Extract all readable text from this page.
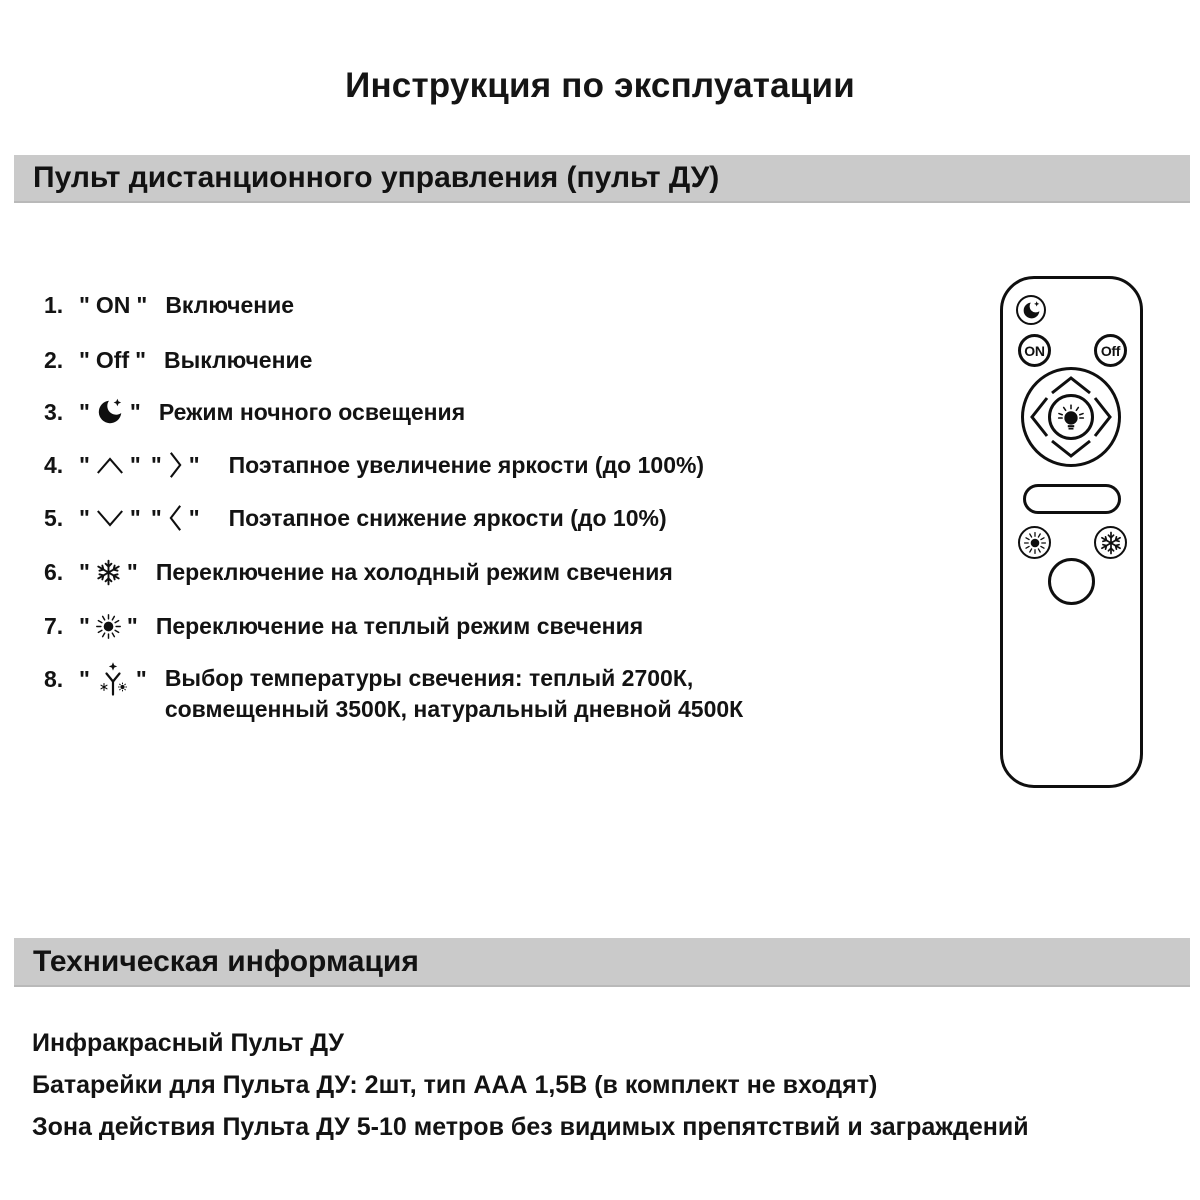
Инструкция по эксплуатации
Пульт дистанционного управления (пульт ДУ)
1. " ON " Включение
2. " Off " Выключение
3. " " Режим ночного освещения
4. " " " " Поэтапное увеличение яркости (до 100%)
5. " " " " Поэтапное снижение яркости (до 10%)
6. " " Переключение на холодный режим свечения
7. " " Переключение на теплый режим свечения
8. " " Выбор температуры свечения: теплый 2700К,
совмещенный 3500К, натуральный дневной 4500К
ON	Off
Техническая информация
Инфракрасный Пульт ДУ
Батарейки для Пульта ДУ: 2шт, тип ААА 1,5В (в комплект не входят)
Зона действия Пульта ДУ 5-10 метров без видимых препятствий и заграждений
